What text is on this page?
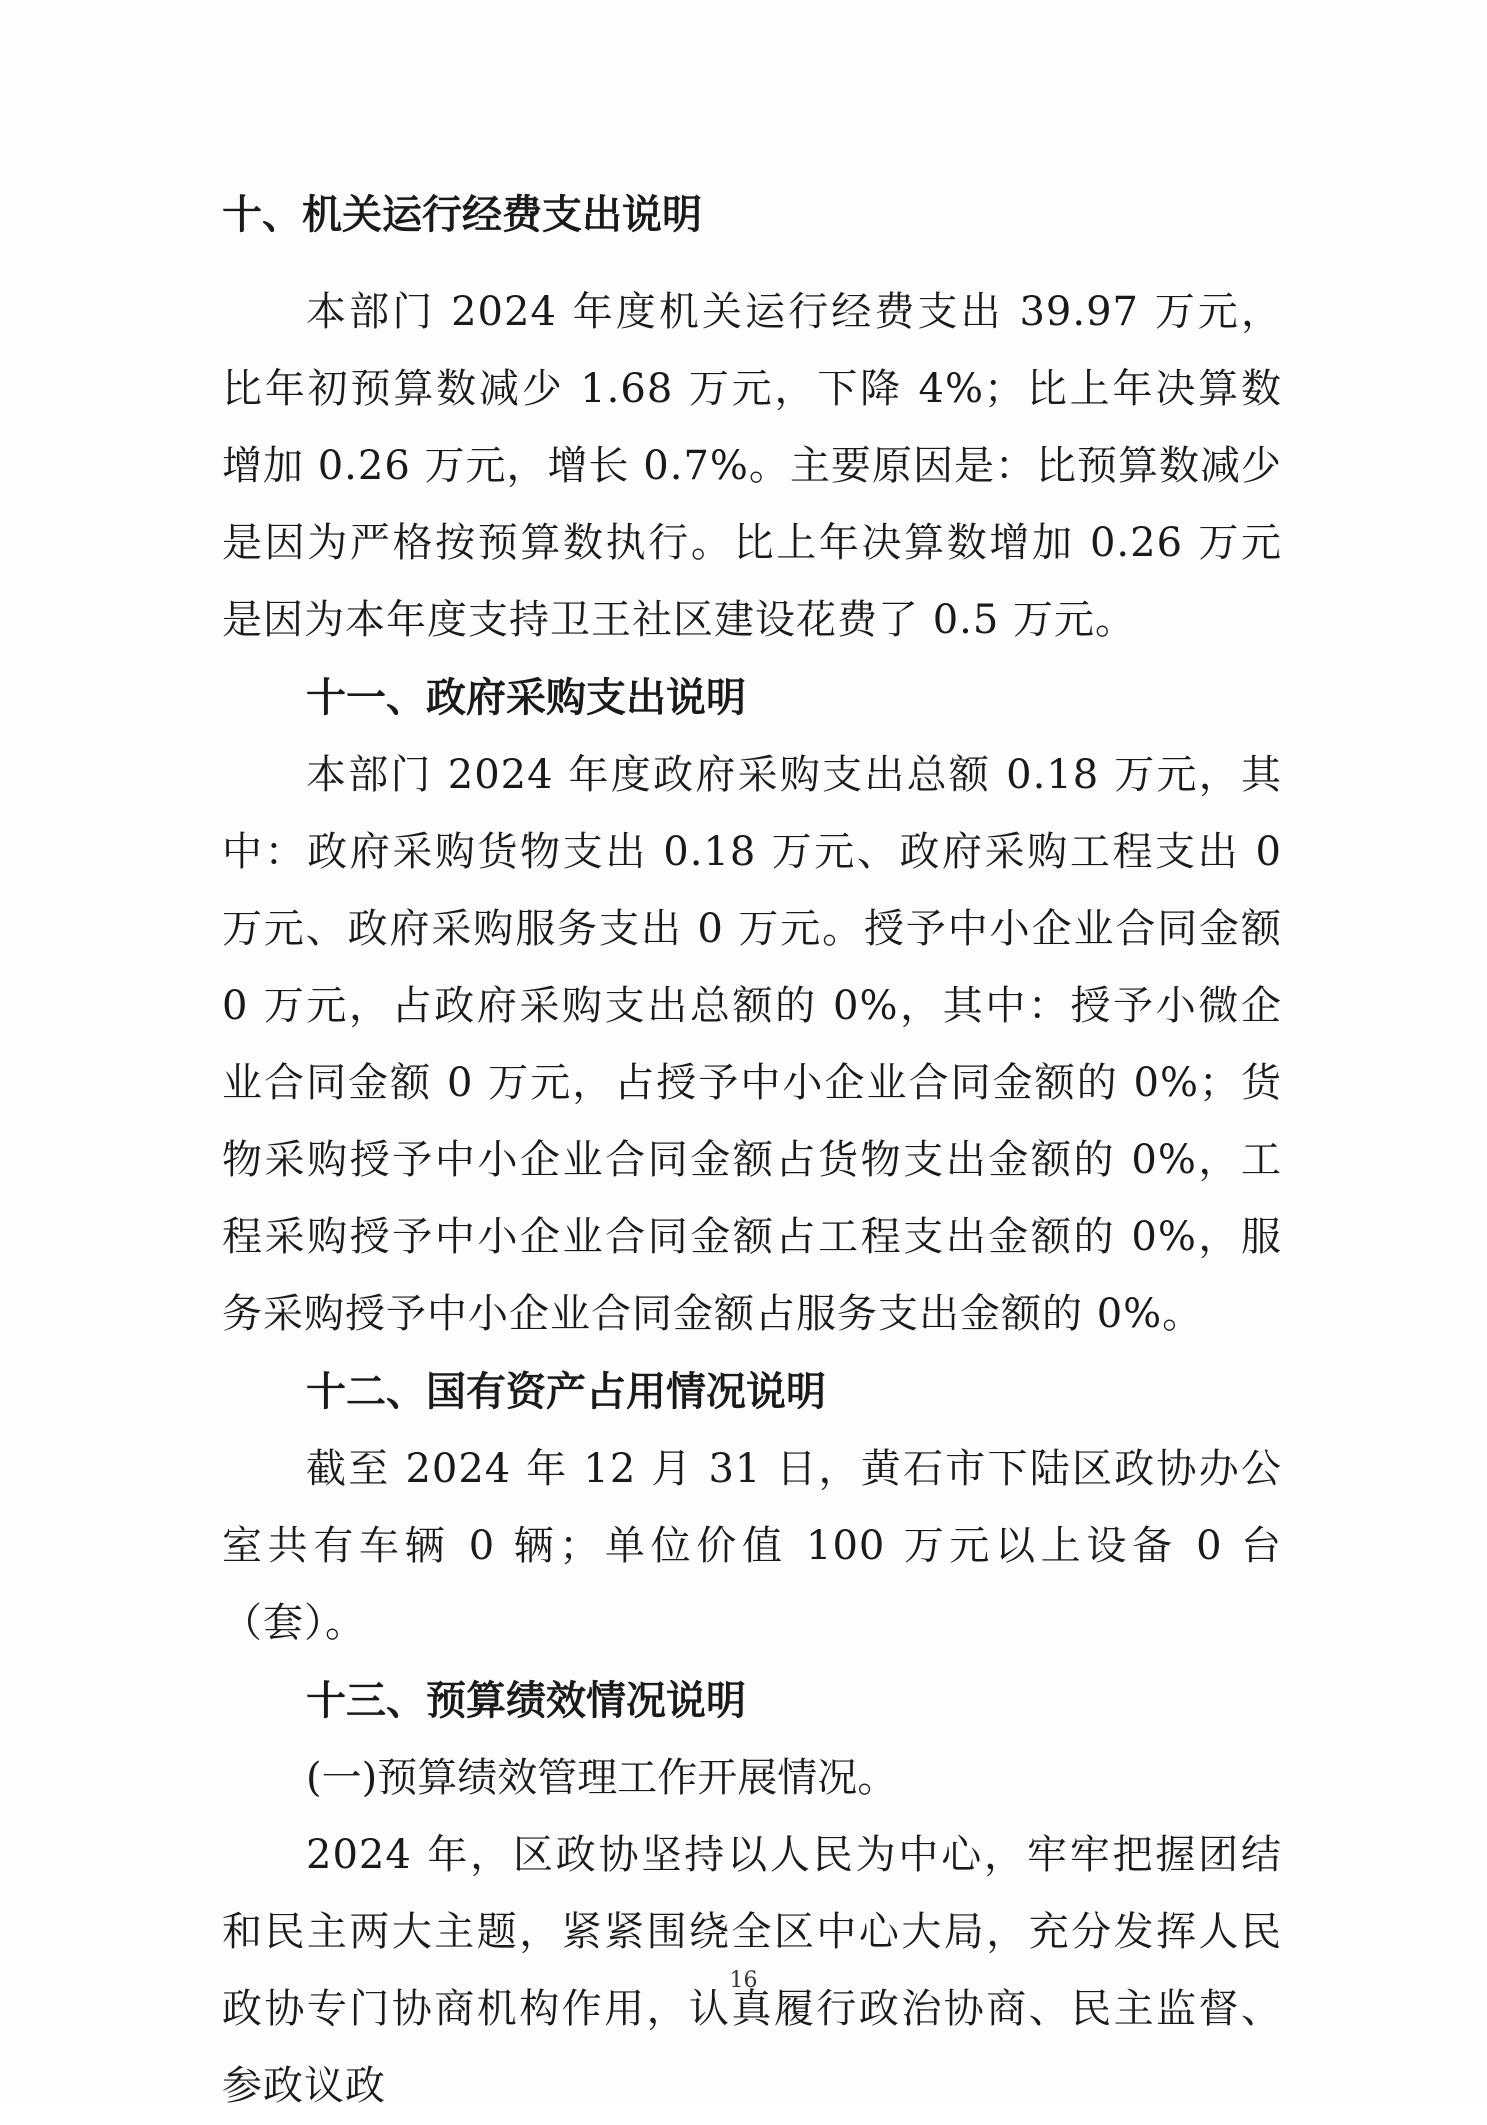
十、机关运行经费支出说明

本部门 2024 年度机关运行经费支出 39.97 万元，比年初预算数减少 1.68 万元，下降 4%；比上年决算数增加 0.26 万元，增长 0.7%。主要原因是：比预算数减少是因为严格按预算数执行。比上年决算数增加 0.26 万元是因为本年度支持卫王社区建设花费了 0.5 万元。

十一、政府采购支出说明

本部门 2024 年度政府采购支出总额 0.18 万元，其中：政府采购货物支出 0.18 万元、政府采购工程支出 0 万元、政府采购服务支出 0 万元。授予中小企业合同金额 0 万元，占政府采购支出总额的 0%，其中：授予小微企业合同金额 0 万元，占授予中小企业合同金额的 0%；货物采购授予中小企业合同金额占货物支出金额的 0%，工程采购授予中小企业合同金额占工程支出金额的 0%，服务采购授予中小企业合同金额占服务支出金额的 0%。

十二、国有资产占用情况说明

截至 2024 年 12 月 31 日，黄石市下陆区政协办公室共有车辆 0 辆；单位价值 100 万元以上设备 0 台（套）。

十三、预算绩效情况说明

(一)预算绩效管理工作开展情况。

2024 年，区政协坚持以人民为中心，牢牢把握团结和民主两大主题，紧紧围绕全区中心大局，充分发挥人民政协专门协商机构作用，认真履行政治协商、民主监督、参政议政

16
